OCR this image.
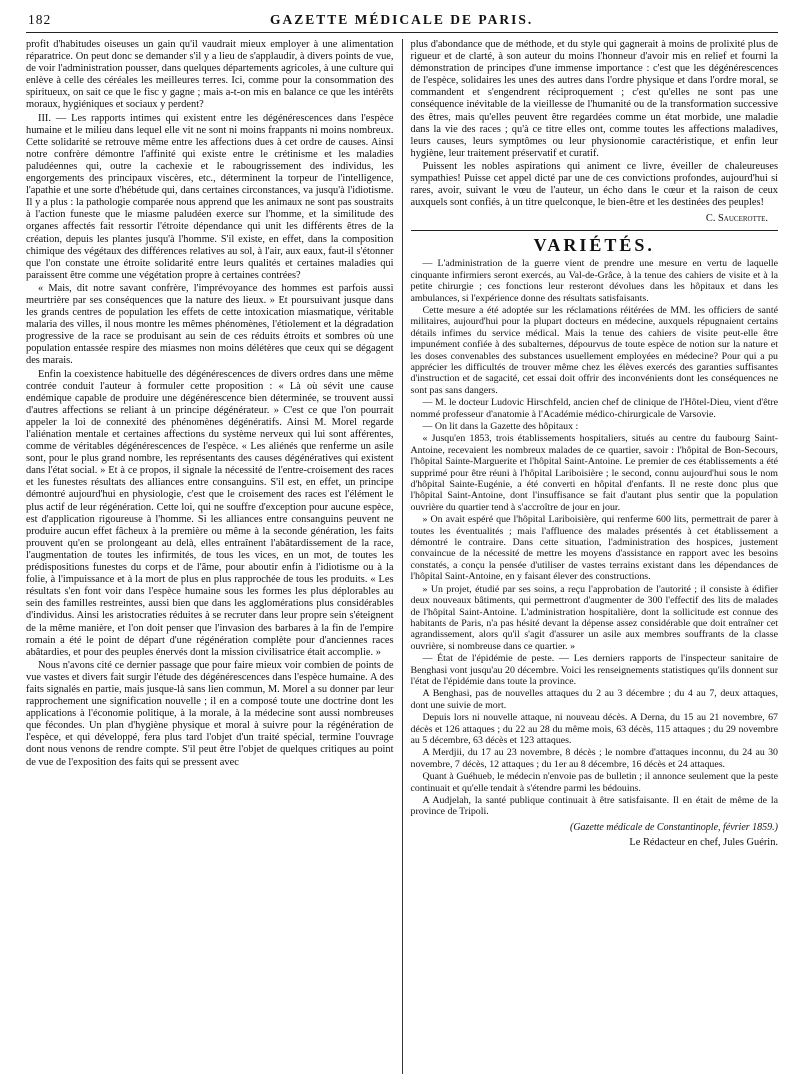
182	GAZETTE MÉDICALE DE PARIS.

profit d'habitudes oiseuses un gain qu'il vaudrait mieux employer à une alimentation réparatrice. On peut donc se demander s'il y a lieu de s'applaudir, à divers points de vue, de voir l'administration pousser, dans quelques départements agricoles, à une culture qui enlève à celle des céréales les meilleures terres. Ici, comme pour la consommation des spiritueux, on sait ce que le fisc y gagne ; mais a-t-on mis en balance ce que les intérêts moraux, hygiéniques et sociaux y perdent?

III. — Les rapports intimes qui existent entre les dégénérescences dans l'espèce humaine et le milieu dans lequel elle vit ne sont ni moins frappants ni moins nombreux. Cette solidarité se retrouve même entre les affections dues à cet ordre de causes. Ainsi notre confrère démontre l'affinité qui existe entre le crétinisme et les maladies paludéennes qui, outre la cachexie et le rabougrissement des individus, les engorgements des principaux viscères, etc., déterminent la torpeur de l'intelligence, l'apathie et une sorte d'hébétude qui, dans certaines circonstances, va jusqu'à l'idiotisme. Il y a plus : la pathologie comparée nous apprend que les animaux ne sont pas soustraits à l'action funeste que le miasme paludéen exerce sur l'homme, et la similitude des organes affectés fait ressortir l'étroite dépendance qui unit les différents êtres de la création, depuis les plantes jusqu'à l'homme. S'il existe, en effet, dans la composition chimique des végétaux des différences relatives au sol, à l'air, aux eaux, faut-il s'étonner que l'on constate une étroite solidarité entre leurs qualités et certaines maladies qui paraissent être comme une végétation propre à certaines contrées?

« Mais, dit notre savant confrère, l'imprévoyance des hommes est parfois aussi meurtrière par ses conséquences que la nature des lieux. » Et poursuivant jusque dans les grands centres de population les effets de cette intoxication miasmatique, véritable malaria des villes, il nous montre les mêmes phénomènes, l'étiolement et la dégradation progressive de la race se produisant au sein de ces réduits étroits et sombres où une population entassée respire des miasmes non moins délétères que ceux qui se dégagent des marais.

Enfin la coexistence habituelle des dégénérescences de divers ordres dans une même contrée conduit l'auteur à formuler cette proposition : « Là où sévit une cause endémique capable de produire une dégénérescence bien déterminée, se trouvent aussi d'autres affections se reliant à un principe dégénérateur. » C'est ce que l'on pourrait appeler la loi de connexité des phénomènes dégénératifs. Ainsi M. Morel regarde l'aliénation mentale et certaines affections du système nerveux qui lui sont afférentes, comme de véritables dégénérescences de l'espèce. « Les aliénés que renferme un asile sont, pour le plus grand nombre, les représentants des causes dégénératives qui existent dans l'état social. » Et à ce propos, il signale la nécessité de l'entre-croisement des races et les funestes résultats des alliances entre consanguins. S'il est, en effet, un principe démontré aujourd'hui en physiologie, c'est que le croisement des races est l'élément le plus actif de leur régénération. Cette loi, qui ne souffre d'exception pour aucune espèce, est d'application rigoureuse à l'homme. Si les alliances entre consanguins peuvent ne produire aucun effet fâcheux à la première ou même à la seconde génération, les faits prouvent qu'en se prolongeant au delà, elles entraînent l'abâtardissement de la race, l'augmentation de toutes les infirmités, de tous les vices, en un mot, de toutes les prédispositions funestes du corps et de l'âme, pour aboutir enfin à l'idiotisme ou à la folie, à l'impuissance et à la mort de plus en plus rapprochée de tous les produits. « Les résultats s'en font voir dans l'espèce humaine sous les formes les plus déplorables au sein des familles restreintes, aussi bien que dans les agglomérations plus considérables d'individus. Ainsi les aristocraties réduites à se recruter dans leur propre sein s'éteignent de la même manière, et l'on doit penser que l'invasion des barbares à la fin de l'empire romain a été le point de départ d'une régénération complète pour d'anciennes races abâtardies, et pour des peuples énervés dont la mission civilisatrice était accomplie. »

Nous n'avons cité ce dernier passage que pour faire mieux voir combien de points de vue vastes et divers fait surgir l'étude des dégénérescences dans l'espèce humaine. A des faits signalés en partie, mais jusque-là sans lien commun, M. Morel a su donner par leur rapprochement une signification nouvelle ; il en a composé toute une doctrine dont les applications à l'économie politique, à la morale, à la médecine sont aussi nombreuses que fécondes. Un plan d'hygiène physique et moral à suivre pour la régénération de l'espèce, et qui développé, fera plus tard l'objet d'un traité spécial, termine l'ouvrage dont nous venons de rendre compte. S'il peut être l'objet de quelques critiques au point de vue de l'exposition des faits qui se pressent avec

plus d'abondance que de méthode, et du style qui gagnerait à moins de prolixité plus de rigueur et de clarté, à son auteur du moins l'honneur d'avoir mis en relief et fourni la démonstration de principes d'une immense importance : c'est que les dégénérescences de l'espèce, solidaires les unes des autres dans l'ordre physique et dans l'ordre moral, se commandent et s'engendrent réciproquement ; c'est qu'elles ne sont pas une conséquence inévitable de la vieillesse de l'humanité ou de la transformation successive des êtres, mais qu'elles peuvent être regardées comme un état morbide, une maladie dans la vie des races ; qu'à ce titre elles ont, comme toutes les affections maladives, leurs causes, leurs symptômes ou leur physionomie caractéristique, et enfin leur hygiène, leur traitement préservatif et curatif.

Puissent les nobles aspirations qui animent ce livre, éveiller de chaleureuses sympathies! Puisse cet appel dicté par une de ces convictions profondes, aujourd'hui si rares, avoir, suivant le vœu de l'auteur, un écho dans le cœur et la raison de ceux auxquels sont confiés, à un titre quelconque, le bien-être et les destinées des peuples!

C. Saucerotte.
VARIÉTÉS.

— L'administration de la guerre vient de prendre une mesure en vertu de laquelle cinquante infirmiers seront exercés, au Val-de-Grâce, à la tenue des cahiers de visite et à la petite chirurgie ; ces fonctions leur resteront dévolues dans les hôpitaux et dans les ambulances, si l'expérience donne des résultats satisfaisants.

Cette mesure a été adoptée sur les réclamations réitérées de MM. les officiers de santé militaires, aujourd'hui pour la plupart docteurs en médecine, auxquels répugnaient certains détails infimes du service médical. Mais la tenue des cahiers de visite peut-elle être impunément confiée à des subalternes, dépourvus de toute espèce de notion sur la nature et les doses convenables des substances usuellement employées en médecine? Pour qui a pu apprécier les difficultés de trouver même chez les élèves exercés des garanties suffisantes d'instruction et de sagacité, cet essai doit offrir des inconvénients dont les conséquences ne sont pas sans dangers.

— M. le docteur Ludovic Hirschfeld, ancien chef de clinique de l'Hôtel-Dieu, vient d'être nommé professeur d'anatomie à l'Académie médico-chirurgicale de Varsovie.

— On lit dans la Gazette des hôpitaux :

« Jusqu'en 1853, trois établissements hospitaliers, situés au centre du faubourg Saint-Antoine, recevaient les nombreux malades de ce quartier, savoir : l'hôpital de Bon-Secours, l'hôpital Sainte-Marguerite et l'hôpital Saint-Antoine. Le premier de ces établissements a été supprimé pour être réuni à l'hôpital Lariboisière ; le second, connu aujourd'hui sous le nom d'hôpital Sainte-Eugénie, a été converti en hôpital d'enfants. Il ne reste donc plus que l'hôpital Saint-Antoine, dont l'insuffisance se fait d'autant plus sentir que la population ouvrière du quartier tend à s'accroître de jour en jour.

» On avait espéré que l'hôpital Lariboisière, qui renferme 600 lits, permettrait de parer à toutes les éventualités ; mais l'affluence des malades présentés à cet établissement a démontré le contraire. Dans cette situation, l'administration des hospices, justement convaincue de la nécessité de mettre les moyens d'assistance en rapport avec les besoins constatés, a conçu la pensée d'utiliser de vastes terrains existant dans les dépendances de l'hôpital Saint-Antoine, en y faisant élever des constructions.

» Un projet, étudié par ses soins, a reçu l'approbation de l'autorité ; il consiste à édifier deux nouveaux bâtiments, qui permettront d'augmenter de 300 l'effectif des lits de malades de l'hôpital Saint-Antoine. L'administration hospitalière, dont la sollicitude est connue des habitants de Paris, n'a pas hésité devant la dépense assez considérable que doit entraîner cet agrandissement, alors qu'il s'agit d'assurer un asile aux membres souffrants de la classe ouvrière, si nombreuse dans ce quartier. »

— État de l'épidémie de peste. — Les derniers rapports de l'inspecteur sanitaire de Benghasi vont jusqu'au 20 décembre. Voici les renseignements statistiques qu'ils donnent sur l'état de l'épidémie dans toute la province.

A Benghasi, pas de nouvelles attaques du 2 au 3 décembre ; du 4 au 7, deux attaques, dont une suivie de mort.

Depuis lors ni nouvelle attaque, ni nouveau décès. A Derna, du 15 au 21 novembre, 67 décès et 126 attaques ; du 22 au 28 du même mois, 63 décès, 115 attaques ; du 29 novembre au 5 décembre, 63 décès et 123 attaques.

A Merdjii, du 17 au 23 novembre, 8 décès ; le nombre d'attaques inconnu, du 24 au 30 novembre, 7 décès, 12 attaques ; du 1er au 8 décembre, 16 décès et 24 attaques.

Quant à Guéhueb, le médecin n'envoie pas de bulletin ; il annonce seulement que la peste continuait et qu'elle tendait à s'étendre parmi les bédouins.

A Audjelah, la santé publique continuait à être satisfaisante. Il en était de même de la province de Tripoli.

(Gazette médicale de Constantinople, février 1859.)
Le Rédacteur en chef, Jules Guérin.
